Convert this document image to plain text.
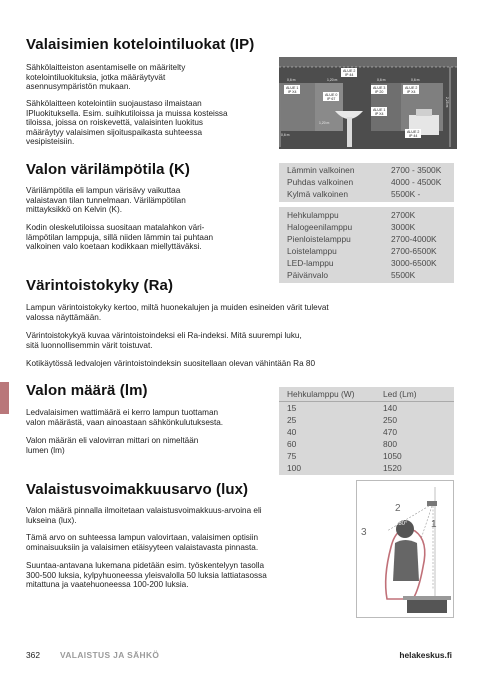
Valaisimien kotelointiluokat (IP)
Sähkölaitteiston asentamiselle on määritelty
kotelointiluokituksia, jotka määräytyvät
asennusympäristön mukaan.
Sähkölaitteen kotelointiin suojaustaso ilmaistaan
IPluokituksella. Esim. suihkutiloissa ja muissa kosteissa
tiloissa, joissa on roiskevettä, valaisinten luokitus
määräytyy valaisimen sijoituspaikasta suhteessa
vesipisteisiin.
ALUE 2
IP 44
ALUE 1
IP X4
ALUE 0
IP 67
ALUE 1
IP X4
ALUE 2
IP X4
ALUE 2
IP 44
ALUE 3
IP 20
0,6 m	1,20 m	0,6 m	0,6 m
2,25 m
1,20 m
0,6 m
Valon värilämpötila (K)
Värilämpötila eli lampun värisävy vaikuttaa
valaistavan tilan tunnelmaan. Värilämpötilan
mittayksikkö on Kelvin (K).
Kodin oleskelutiloissa suositaan matalahkon väri-
lämpötilan lamppuja, sillä niiden lämmin tai puhtaan
valkoinen valo koetaan kodikkaan miellyttäväksi.
Lämmin valkoinen	2700 - 3500K
Puhdas valkoinen	4000 - 4500K
Kylmä valkoinen	5500K -
Hehkulamppu	2700K
Halogeenilamppu	3000K
Pienloistelamppu	2700-4000K
Loistelamppu	2700-6500K
LED-lamppu	3000-6500K
Päivänvalo	5500K
Värintoistokyky (Ra)
Lampun värintoistokyky kertoo, miltä huonekalujen ja muiden esineiden värit tulevat
valossa näyttämään.
Värintoistokykyä kuvaa värintoistoindeksi eli Ra-indeksi. Mitä suurempi luku,
sitä luonnollisemmin värit toistuvat.
Kotikäytössä ledvalojen värintoistoindeksin suositellaan olevan vähintään Ra 80
Valon määrä (lm)
Ledvalaisimen wattimäärä ei kerro lampun tuottaman
valon määrästä, vaan ainoastaan sähkönkulutuksesta.
Valon määrän eli valovirran mittari on nimeltään
lumen (lm)
Hehkulamppu (W)	Led (Lm)
15	140
25	250
40	470
60	800
75	1050
100	1520
Valaistusvoimakkuusarvo (lux)
Valon määrä pinnalla ilmoitetaan valaistusvoimakkuus-arvoina eli
lukseina (lux).
Tämä arvo on suhteessa lampun valovirtaan, valaisimen optisiin
ominaisuuksiin ja valaisimen etäisyyteen valaistavasta pinnasta.
Suuntaa-antavana lukemana pidetään esim. työskentelyyn tasolla
300-500 luksia, kylpyhuoneessa yleisvalolla 50 luksia lattiatasossa
mitattuna ja vaatehuoneessa 100-200 luksia.
2
1
3
180°
362 VALAISTUS JA SÄHKÖ	helakeskus.fi
